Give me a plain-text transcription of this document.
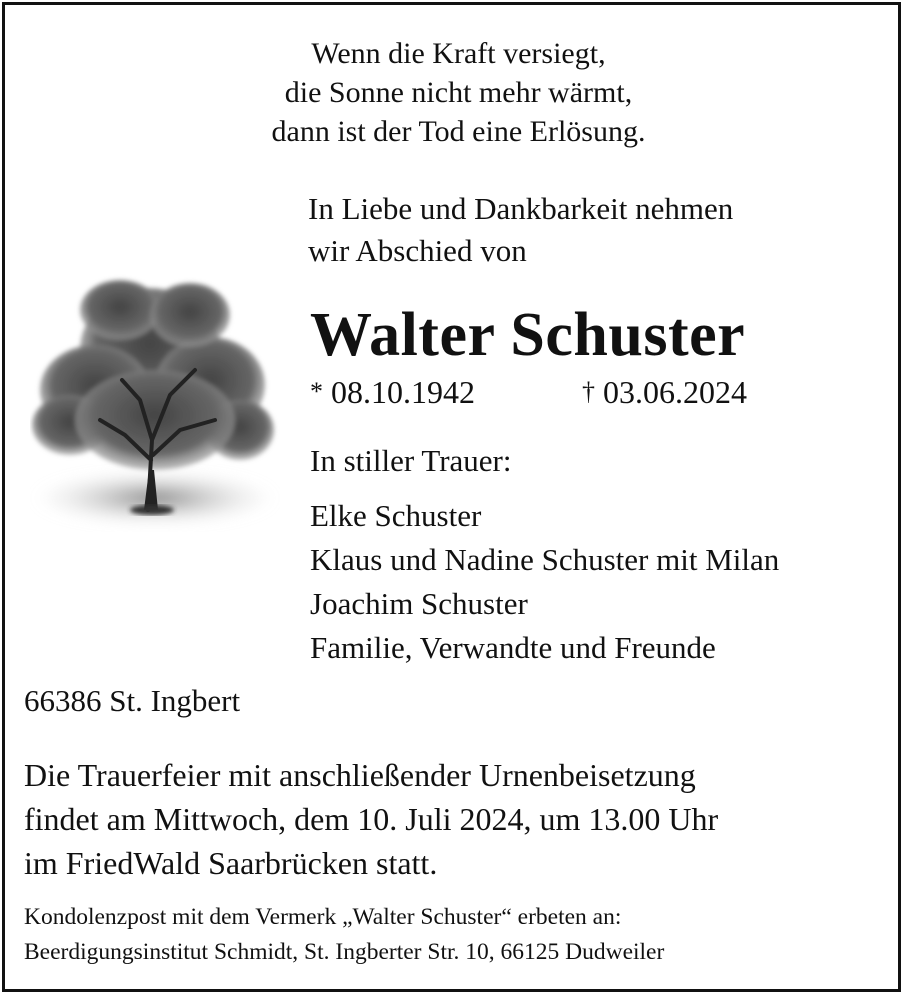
Wenn die Kraft versiegt,
die Sonne nicht mehr wärmt,
dann ist der Tod eine Erlösung.
In Liebe und Dankbarkeit nehmen
wir Abschied von
Walter Schuster
* 08.10.1942	† 03.06.2024
In stiller Trauer:
Elke Schuster
Klaus und Nadine Schuster mit Milan
Joachim Schuster
Familie, Verwandte und Freunde
66386 St. Ingbert
Die Trauerfeier mit anschließender Urnenbeisetzung
findet am Mittwoch, dem 10. Juli 2024, um 13.00 Uhr
im FriedWald Saarbrücken statt.
Kondolenzpost mit dem Vermerk „Walter Schuster“ erbeten an:
Beerdigungsinstitut Schmidt, St. Ingberter Str. 10, 66125 Dudweiler
